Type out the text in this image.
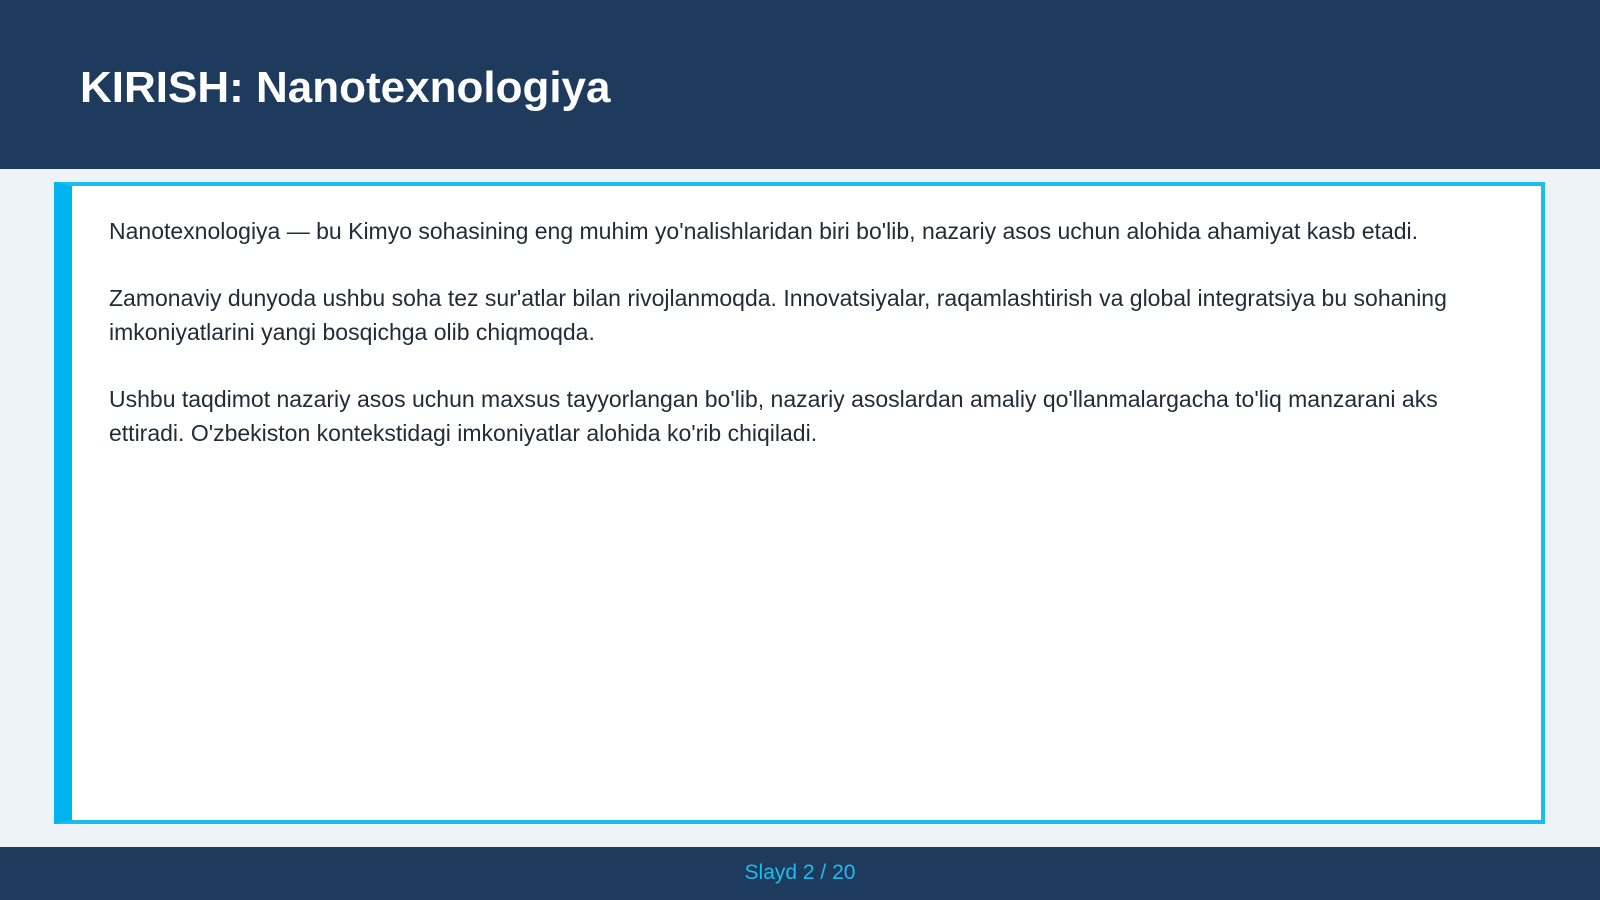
KIRISH: Nanotexnologiya

Nanotexnologiya — bu Kimyo sohasining eng muhim yo'nalishlaridan biri bo'lib, nazariy asos uchun alohida ahamiyat kasb etadi.

Zamonaviy dunyoda ushbu soha tez sur'atlar bilan rivojlanmoqda. Innovatsiyalar, raqamlashtirish va global integratsiya bu sohaning imkoniyatlarini yangi bosqichga olib chiqmoqda.

Ushbu taqdimot nazariy asos uchun maxsus tayyorlangan bo'lib, nazariy asoslardan amaliy qo'llanmalargacha to'liq manzarani aks ettiradi. O'zbekiston kontekstidagi imkoniyatlar alohida ko'rib chiqiladi.

Slayd 2 / 20
